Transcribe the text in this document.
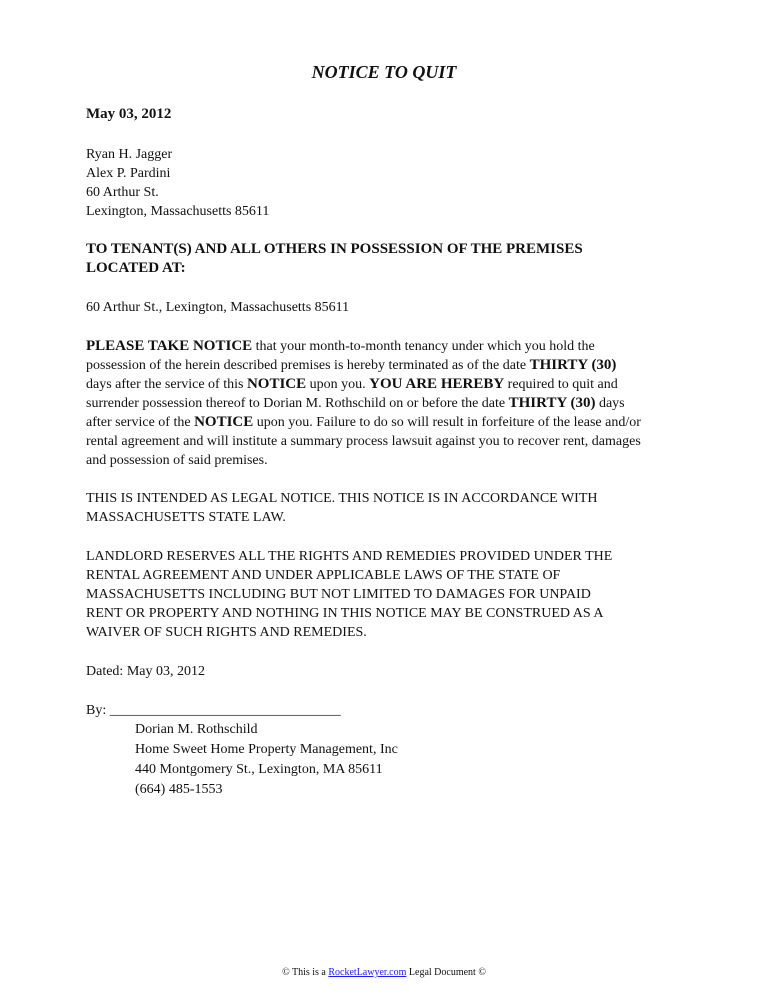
NOTICE TO QUIT
May 03, 2012
Ryan H. Jagger
Alex P. Pardini
60 Arthur St.
Lexington, Massachusetts 85611
TO TENANT(S) AND ALL OTHERS IN POSSESSION OF THE PREMISES
LOCATED AT:
60 Arthur St., Lexington, Massachusetts 85611
PLEASE TAKE NOTICE that your month-to-month tenancy under which you hold the
possession of the herein described premises is hereby terminated as of the date THIRTY (30)
days after the service of this NOTICE upon you. YOU ARE HEREBY required to quit and
surrender possession thereof to Dorian M. Rothschild on or before the date THIRTY (30) days
after service of the NOTICE upon you. Failure to do so will result in forfeiture of the lease and/or
rental agreement and will institute a summary process lawsuit against you to recover rent, damages
and possession of said premises.
THIS IS INTENDED AS LEGAL NOTICE. THIS NOTICE IS IN ACCORDANCE WITH
MASSACHUSETTS STATE LAW.
LANDLORD RESERVES ALL THE RIGHTS AND REMEDIES PROVIDED UNDER THE
RENTAL AGREEMENT AND UNDER APPLICABLE LAWS OF THE STATE OF
MASSACHUSETTS INCLUDING BUT NOT LIMITED TO DAMAGES FOR UNPAID
RENT OR PROPERTY AND NOTHING IN THIS NOTICE MAY BE CONSTRUED AS A
WAIVER OF SUCH RIGHTS AND REMEDIES.
Dated: May 03, 2012
By: _________________________________
Dorian M. Rothschild
Home Sweet Home Property Management, Inc
440 Montgomery St., Lexington, MA 85611
(664) 485-1553
© This is a RocketLawyer.com Legal Document ©
